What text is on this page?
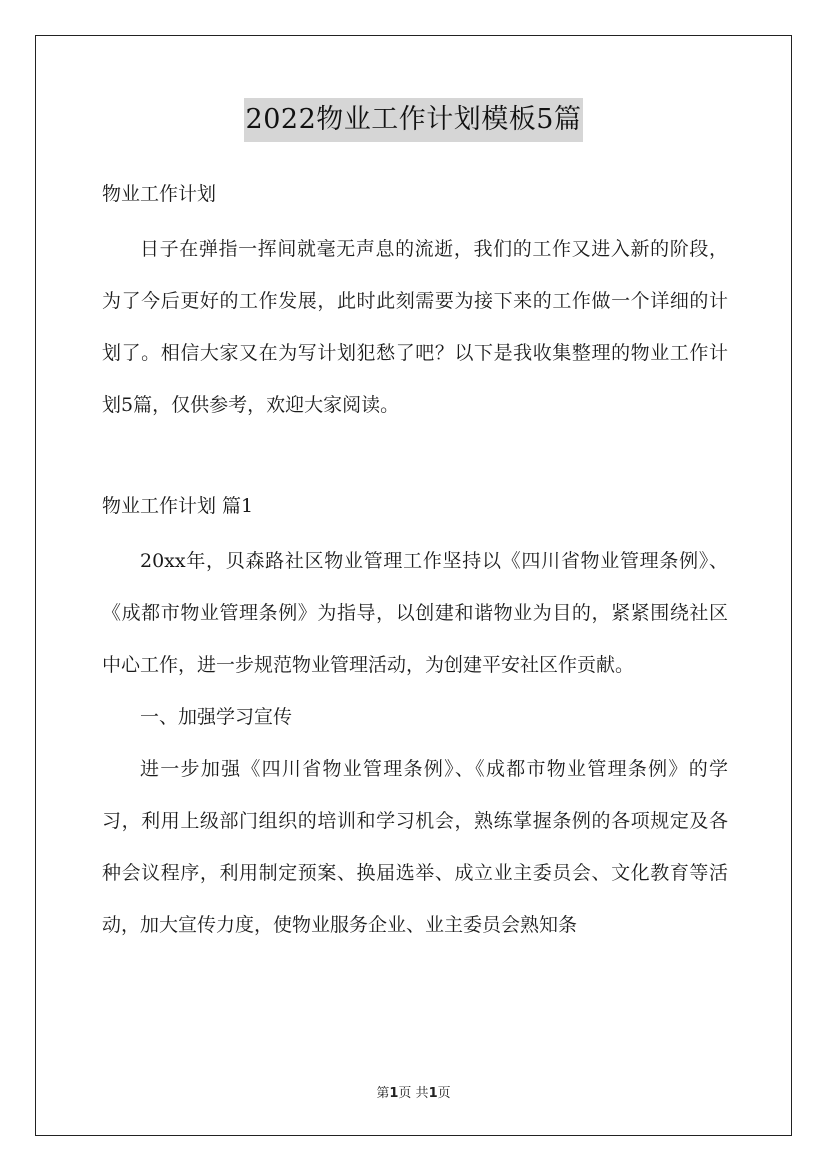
2022物业工作计划模板5篇

物业工作计划

日子在弹指一挥间就毫无声息的流逝，我们的工作又进入新的阶段，为了今后更好的工作发展，此时此刻需要为接下来的工作做一个详细的计划了。相信大家又在为写计划犯愁了吧？以下是我收集整理的物业工作计划5篇，仅供参考，欢迎大家阅读。

物业工作计划 篇1

20xx年，贝森路社区物业管理工作坚持以《四川省物业管理条例》、《成都市物业管理条例》为指导，以创建和谐物业为目的，紧紧围绕社区中心工作，进一步规范物业管理活动，为创建平安社区作贡献。

一、加强学习宣传

进一步加强《四川省物业管理条例》、《成都市物业管理条例》的学习，利用上级部门组织的培训和学习机会，熟练掌握条例的各项规定及各种会议程序，利用制定预案、换届选举、成立业主委员会、文化教育等活动，加大宣传力度，使物业服务企业、业主委员会熟知条

第1页 共1页
